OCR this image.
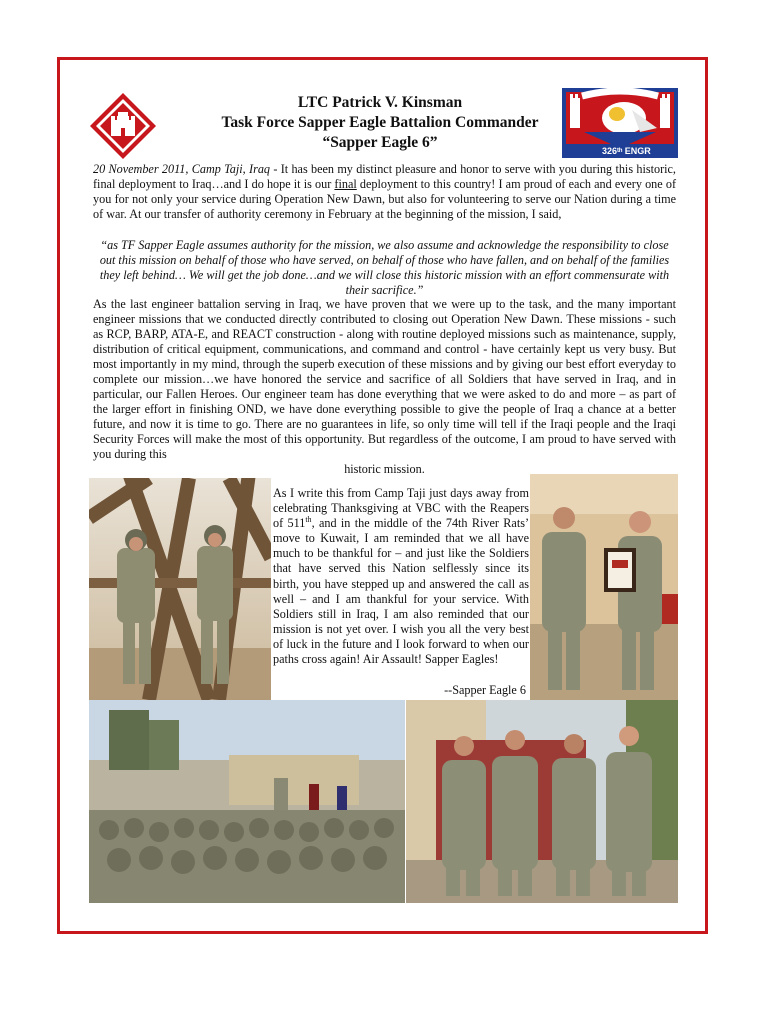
326ᵗʰ ENGR
LTC Patrick V. Kinsman
Task Force Sapper Eagle Battalion Commander
“Sapper Eagle 6”
20 November 2011, Camp Taji, Iraq - It has been my distinct pleasure and honor to serve with you during this historic, final deployment to Iraq…and I do hope it is our final deployment to this country! I am proud of each and every one of you for not only your service during Operation New Dawn, but also for volunteering to serve our Nation during a time of war. At our transfer of authority ceremony in February at the beginning of the mission, I said,
“as TF Sapper Eagle assumes authority for the mission, we also assume and acknowledge the responsibility to close out this mission on behalf of those who have served, on behalf of those who have fallen, and on behalf of the families they left behind… We will get the job done…and we will close this historic mission with an effort commensurate with their sacrifice.”
As the last engineer battalion serving in Iraq, we have proven that we were up to the task, and the many important engineer missions that we conducted directly contributed to closing out Operation New Dawn. These missions - such as RCP, BARP, ATA-E, and REACT construction - along with routine deployed missions such as maintenance, supply, distribution of critical equipment, communications, and command and control - have certainly kept us very busy. But most importantly in my mind, through the superb execution of these missions and by giving our best effort everyday to complete our mission…we have honored the service and sacrifice of all Soldiers that have served in Iraq, and in particular, our Fallen Heroes. Our engineer team has done everything that we were asked to do and more – as part of the larger effort in finishing OND, we have done everything possible to give the people of Iraq a chance at a better future, and now it is time to go. There are no guarantees in life, so only time will tell if the Iraqi people and the Iraqi Security Forces will make the most of this opportunity. But regardless of the outcome, I am proud to have served with you during this
historic mission.
As I write this from Camp Taji just days away from celebrating Thanksgiving at VBC with the Reapers of 511th, and in the middle of the 74th River Rats’ move to Kuwait, I am reminded that we all have much to be thankful for – and just like the Soldiers that have served this Nation selflessly since its birth, you have stepped up and answered the call as well – and I am thankful for your service. With Soldiers still in Iraq, I am also reminded that our mission is not yet over. I wish you all the very best of luck in the future and I look forward to when our paths cross again! Air Assault! Sapper Eagles!
--Sapper Eagle 6
